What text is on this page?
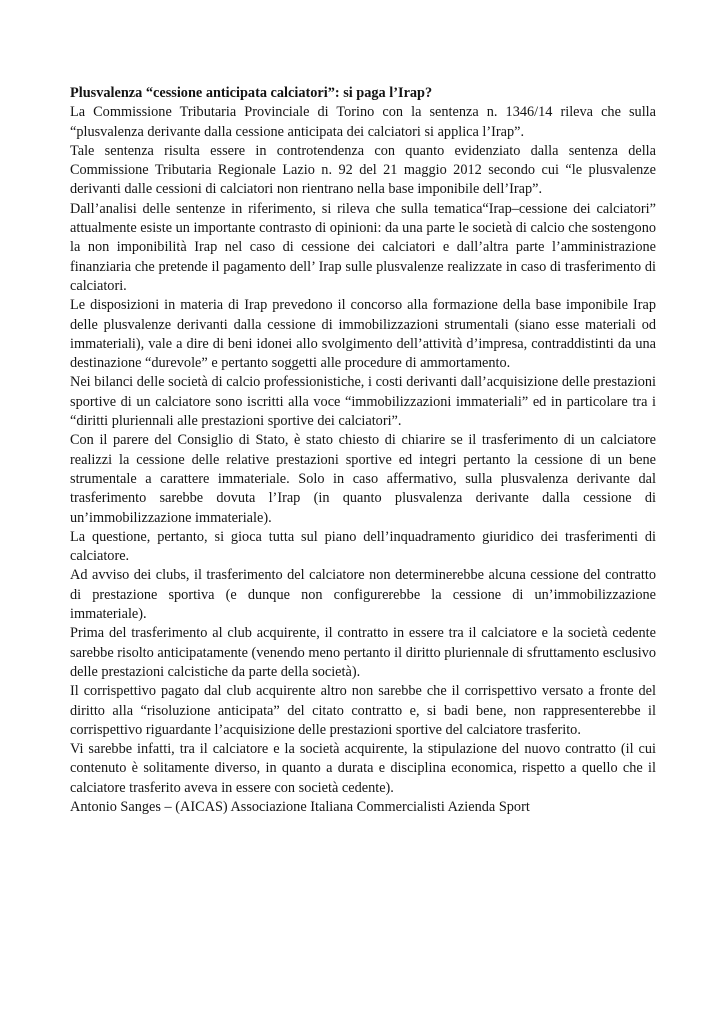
Plusvalenza “cessione anticipata calciatori”: si paga l’Irap?

La Commissione Tributaria Provinciale di Torino con la sentenza n. 1346/14 rileva che sulla “plusvalenza derivante dalla cessione anticipata dei calciatori si applica l’Irap”.

Tale sentenza risulta essere in controtendenza con quanto evidenziato dalla sentenza della Commissione Tributaria Regionale Lazio n. 92 del 21 maggio 2012 secondo cui “le plusvalenze derivanti dalle cessioni di calciatori non rientrano nella base imponibile dell’Irap”.

Dall’analisi delle sentenze in riferimento, si rileva che sulla tematica“Irap–cessione dei calciatori” attualmente esiste un importante contrasto di opinioni: da una parte le società di calcio che sostengono la non imponibilità Irap nel caso di cessione dei calciatori e dall’altra parte l’amministrazione finanziaria che pretende il pagamento dell’ Irap sulle plusvalenze realizzate in caso di trasferimento di calciatori.

Le disposizioni in materia di Irap prevedono il concorso alla formazione della base imponibile Irap delle plusvalenze derivanti dalla cessione di immobilizzazioni strumentali (siano esse materiali od immateriali), vale a dire di beni idonei allo svolgimento dell’attività d’impresa, contraddistinti da una destinazione “durevole” e pertanto soggetti alle procedure di ammortamento.

Nei bilanci delle società di calcio professionistiche, i costi derivanti dall’acquisizione delle prestazioni sportive di un calciatore sono iscritti alla voce “immobilizzazioni immateriali” ed in particolare tra i “diritti pluriennali alle prestazioni sportive dei calciatori”.

Con il parere del Consiglio di Stato, è stato chiesto di chiarire se il trasferimento di un calciatore realizzi la cessione delle relative prestazioni sportive ed integri pertanto la cessione di un bene strumentale a carattere immateriale. Solo in caso affermativo, sulla plusvalenza derivante dal trasferimento sarebbe dovuta l’Irap (in quanto plusvalenza derivante dalla cessione di un’immobilizzazione immateriale).

La questione, pertanto, si gioca tutta sul piano dell’inquadramento giuridico dei trasferimenti di calciatore.

Ad avviso dei clubs, il trasferimento del calciatore non determinerebbe alcuna cessione del contratto di prestazione sportiva (e dunque non configurerebbe la cessione di un’immobilizzazione immateriale).

Prima del trasferimento al club acquirente, il contratto in essere tra il calciatore e la società cedente sarebbe risolto anticipatamente (venendo meno pertanto il diritto pluriennale di sfruttamento esclusivo delle prestazioni calcistiche da parte della società).

Il corrispettivo pagato dal club acquirente altro non sarebbe che il corrispettivo versato a fronte del diritto alla “risoluzione anticipata” del citato contratto e, si badi bene, non rappresenterebbe il corrispettivo riguardante l’acquisizione delle prestazioni sportive del calciatore trasferito.

Vi sarebbe infatti, tra il calciatore e la società acquirente, la stipulazione del nuovo contratto (il cui contenuto è solitamente diverso, in quanto a durata e disciplina economica, rispetto a quello che il calciatore trasferito aveva in essere con società cedente).

Antonio Sanges – (AICAS) Associazione Italiana Commercialisti Azienda Sport
